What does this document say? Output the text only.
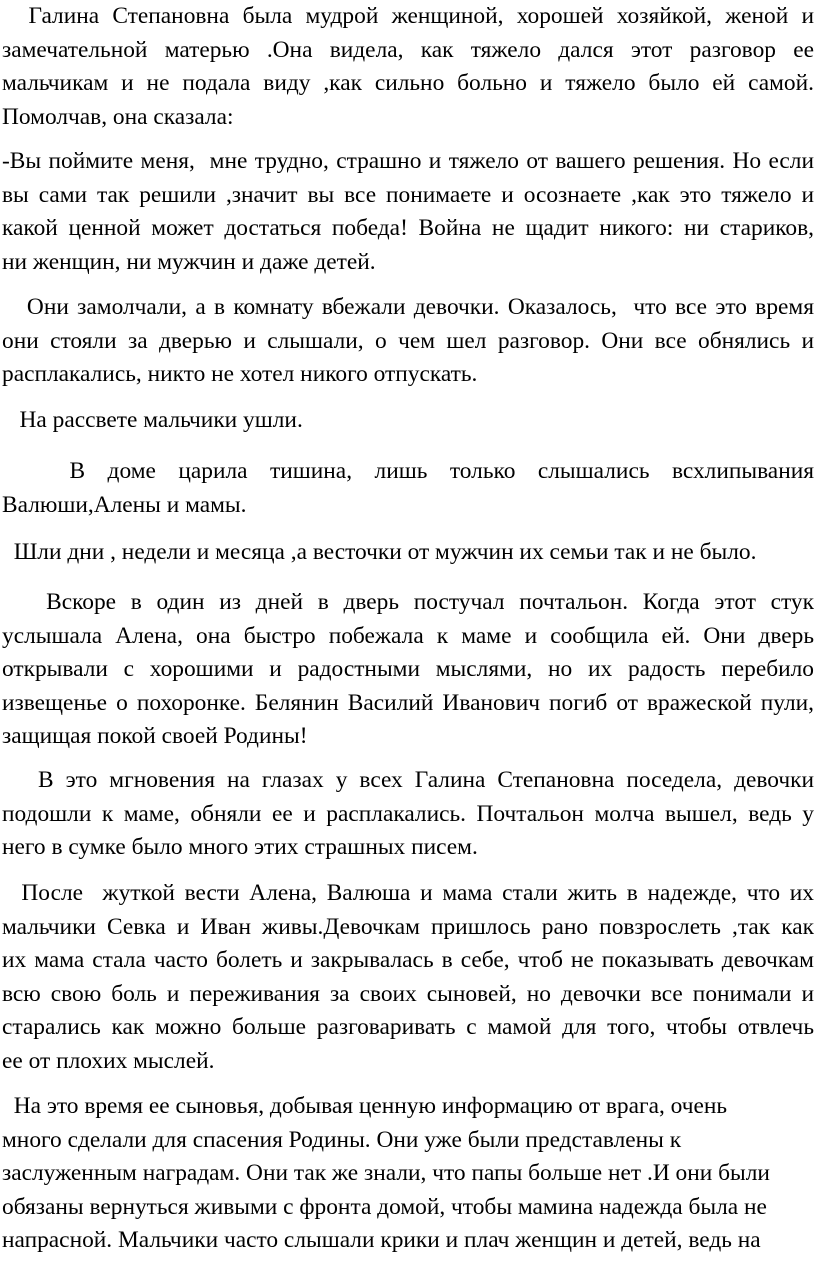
Галина Степановна была мудрой женщиной, хорошей хозяйкой, женой и
замечательной матерью .Она видела, как тяжело дался этот разговор ее
мальчикам и не подала виду ,как сильно больно и тяжело было ей самой.
Помолчав, она сказала:
-Вы поймите меня,  мне трудно, страшно и тяжело от вашего решения. Но если
вы сами так решили ,значит вы все понимаете и осознаете ,как это тяжело и
какой ценной может достаться победа! Война не щадит никого: ни стариков,
ни женщин, ни мужчин и даже детей.
Они замолчали, а в комнату вбежали девочки. Оказалось,  что все это время
они стояли за дверью и слышали, о чем шел разговор. Они все обнялись и
расплакались, никто не хотел никого отпускать.
На рассвете мальчики ушли.
В доме царила тишина, лишь только слышались всхлипывания
Валюши,Алены и мамы.
Шли дни , недели и месяца ,а весточки от мужчин их семьи так и не было.
Вскоре в один из дней в дверь постучал почтальон. Когда этот стук
услышала Алена, она быстро побежала к маме и сообщила ей. Они дверь
открывали с хорошими и радостными мыслями, но их радость перебило
извещенье о похоронке. Белянин Василий Иванович погиб от вражеской пули,
защищая покой своей Родины!
В это мгновения на глазах у всех Галина Степановна поседела, девочки
подошли к маме, обняли ее и расплакались. Почтальон молча вышел, ведь у
него в сумке было много этих страшных писем.
После  жуткой вести Алена, Валюша и мама стали жить в надежде, что их
мальчики Севка и Иван живы.Девочкам пришлось рано повзрослеть ,так как
их мама стала часто болеть и закрывалась в себе, чтоб не показывать девочкам
всю свою боль и переживания за своих сыновей, но девочки все понимали и
старались как можно больше разговаривать с мамой для того, чтобы отвлечь
ее от плохих мыслей.
На это время ее сыновья, добывая ценную информацию от врага, очень
много сделали для спасения Родины. Они уже были представлены к
заслуженным наградам. Они так же знали, что папы больше нет .И они были
обязаны вернуться живыми с фронта домой, чтобы мамина надежда была не
напрасной. Мальчики часто слышали крики и плач женщин и детей, ведь на
